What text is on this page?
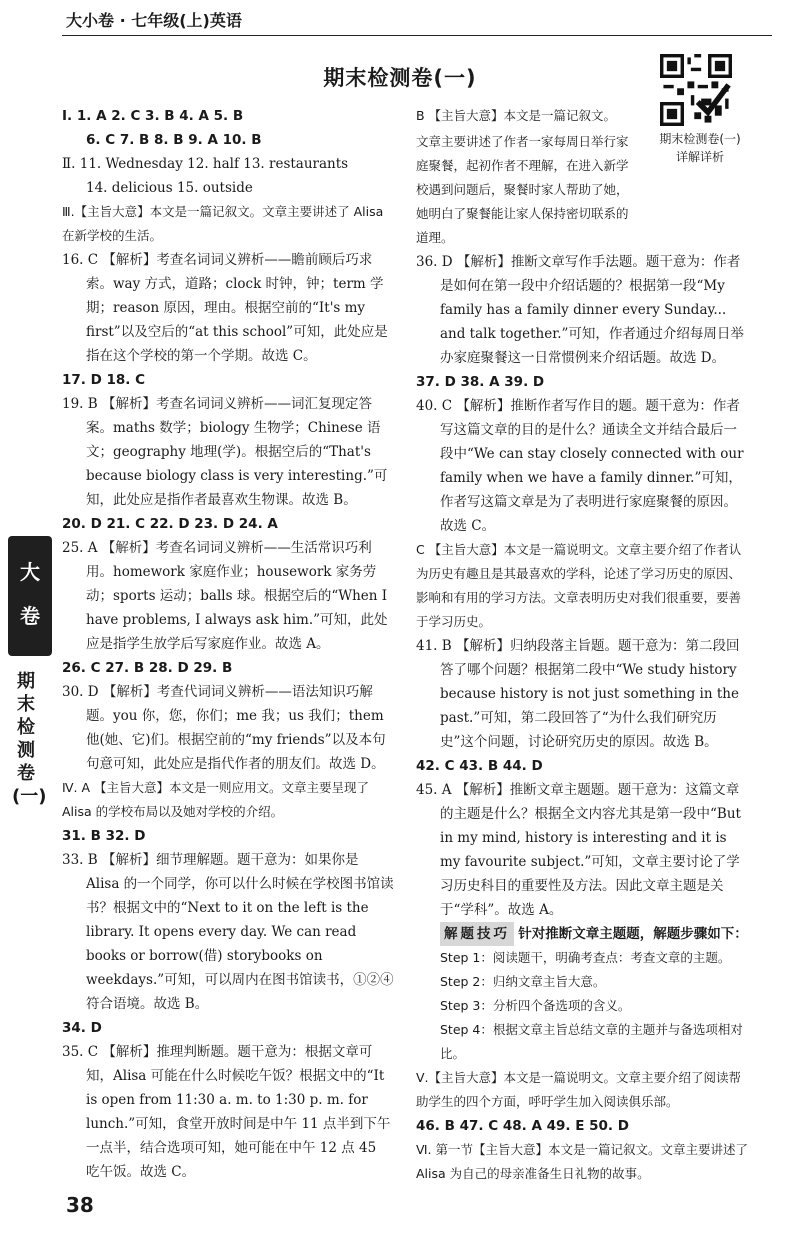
大小卷 · 七年级(上)英语
期末检测卷(一)
大
卷
期末检测卷(一)

Ⅰ. 1. A 2. C 3. B 4. A 5. B

6. C 7. B 8. B 9. A 10. B

Ⅱ. 11. Wednesday 12. half 13. restaurants

14. delicious 15. outside

Ⅲ.【主旨大意】本文是一篇记叙文。文章主要讲述了 Alisa 在新学校的生活。

16. C 【解析】考查名词词义辨析——瞻前顾后巧求索。way 方式，道路；clock 时钟，钟；term 学期；reason 原因，理由。根据空前的“It's my first”以及空后的“at this school”可知，此处应是指在这个学校的第一个学期。故选 C。

17. D 18. C

19. B 【解析】考查名词词义辨析——词汇复现定答案。maths 数学；biology 生物学；Chinese 语文；geography 地理(学)。根据空后的“That's because biology class is very interesting.”可知，此处应是指作者最喜欢生物课。故选 B。

20. D 21. C 22. D 23. D 24. A

25. A 【解析】考查名词词义辨析——生活常识巧利用。homework 家庭作业；housework 家务劳动；sports 运动；balls 球。根据空后的“When I have problems, I always ask him.”可知，此处应是指学生放学后写家庭作业。故选 A。

26. C 27. B 28. D 29. B

30. D 【解析】考查代词词义辨析——语法知识巧解题。you 你，您，你们；me 我；us 我们；them 他(她、它)们。根据空前的“my friends”以及本句句意可知，此处应是指代作者的朋友们。故选 D。

Ⅳ. A 【主旨大意】本文是一则应用文。文章主要呈现了 Alisa 的学校布局以及她对学校的介绍。

31. B 32. D

33. B 【解析】细节理解题。题干意为：如果你是 Alisa 的一个同学，你可以什么时候在学校图书馆读书？根据文中的“Next to it on the left is the library. It opens every day. We can read books or borrow(借) storybooks on weekdays.”可知，可以周内在图书馆读书，①②④符合语境。故选 B。

34. D

35. C 【解析】推理判断题。题干意为：根据文章可知，Alisa 可能在什么时候吃午饭？根据文中的“It is open from 11:30 a. m. to 1:30 p. m. for lunch.”可知，食堂开放时间是中午 11 点半到下午一点半，结合选项可知，她可能在中午 12 点 45 吃午饭。故选 C。

B 【主旨大意】本文是一篇记叙文。

期末检测卷(一)
详解详析

文章主要讲述了作者一家每周日举行家庭聚餐，起初作者不理解，在进入新学校遇到问题后，聚餐时家人帮助了她，她明白了聚餐能让家人保持密切联系的道理。

36. D 【解析】推断文章写作手法题。题干意为：作者是如何在第一段中介绍话题的？根据第一段“My family has a family dinner every Sunday... and talk together.”可知，作者通过介绍每周日举办家庭聚餐这一日常惯例来介绍话题。故选 D。

37. D 38. A 39. D

40. C 【解析】推断作者写作目的题。题干意为：作者写这篇文章的目的是什么？通读全文并结合最后一段中“We can stay closely connected with our family when we have a family dinner.”可知，作者写这篇文章是为了表明进行家庭聚餐的原因。故选 C。

C 【主旨大意】本文是一篇说明文。文章主要介绍了作者认为历史有趣且是其最喜欢的学科，论述了学习历史的原因、影响和有用的学习方法。文章表明历史对我们很重要，要善于学习历史。

41. B 【解析】归纳段落主旨题。题干意为：第二段回答了哪个问题？根据第二段中“We study history because history is not just something in the past.”可知，第二段回答了“为什么我们研究历史”这个问题，讨论研究历史的原因。故选 B。

42. C 43. B 44. D

45. A 【解析】推断文章主题题。题干意为：这篇文章的主题是什么？根据全文内容尤其是第一段中“But in my mind, history is interesting and it is my favourite subject.”可知，文章主要讨论了学习历史科目的重要性及方法。因此文章主题是关于“学科”。故选 A。

解题技巧 针对推断文章主题题，解题步骤如下：

Step 1：阅读题干，明确考查点：考查文章的主题。

Step 2：归纳文章主旨大意。

Step 3：分析四个备选项的含义。

Step 4：根据文章主旨总结文章的主题并与备选项相对比。

Ⅴ.【主旨大意】本文是一篇说明文。文章主要介绍了阅读帮助学生的四个方面，呼吁学生加入阅读俱乐部。

46. B 47. C 48. A 49. E 50. D

Ⅵ. 第一节【主旨大意】本文是一篇记叙文。文章主要讲述了 Alisa 为自己的母亲准备生日礼物的故事。

38
